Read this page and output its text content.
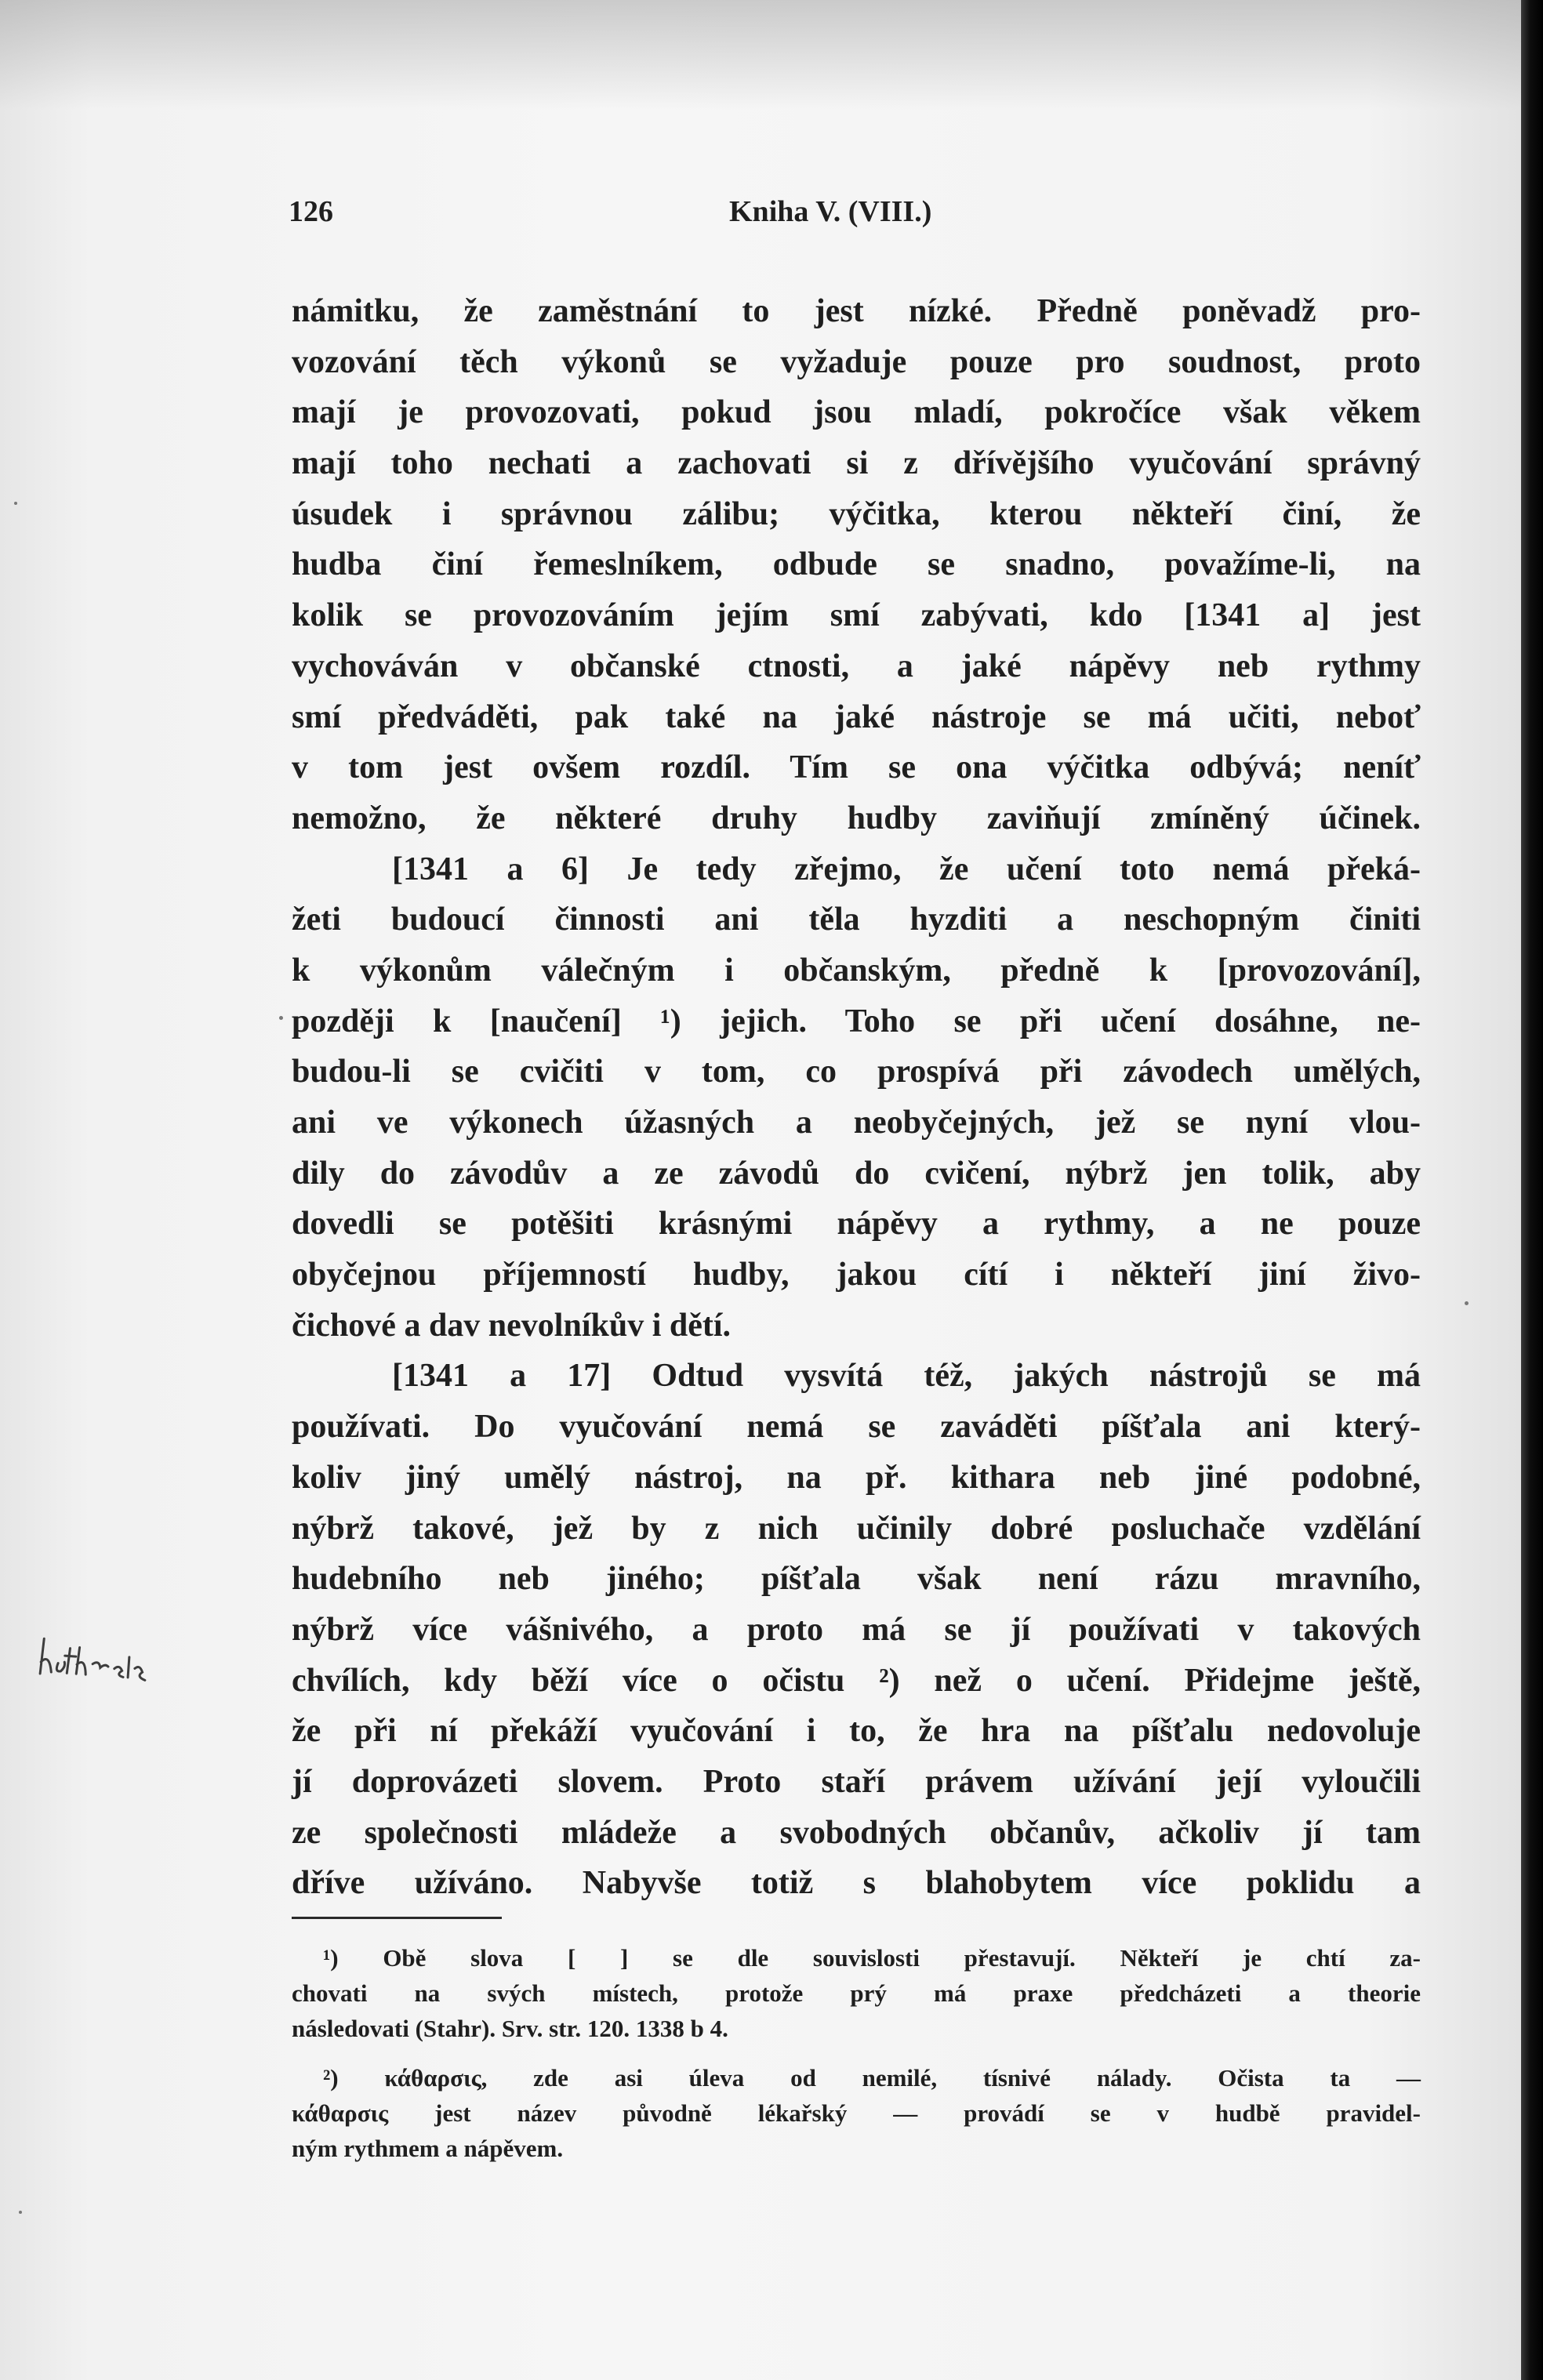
126	Kniha V. (VIII.)
námitku, že zaměstnání to jest nízké. Předně poněvadž pro-
vozování těch výkonů se vyžaduje pouze pro soudnost, proto
mají je provozovati, pokud jsou mladí, pokročíce však věkem
mají toho nechati a zachovati si z dřívějšího vyučování správný
úsudek i správnou zálibu; výčitka, kterou někteří činí, že
hudba činí řemeslníkem, odbude se snadno, považíme-li, na
kolik se provozováním jejím smí zabývati, kdo [1341 a] jest
vychováván v občanské ctnosti, a jaké nápěvy neb rythmy
smí předváděti, pak také na jaké nástroje se má učiti, neboť
v tom jest ovšem rozdíl. Tím se ona výčitka odbývá; neníť
nemožno, že některé druhy hudby zaviňují zmíněný účinek.
[1341 a 6] Je tedy zřejmo, že učení toto nemá překá-
žeti budoucí činnosti ani těla hyzditi a neschopným činiti
k výkonům válečným i občanským, předně k [provozování],
později k [naučení] ¹) jejich. Toho se při učení dosáhne, ne-
budou-li se cvičiti v tom, co prospívá při závodech umělých,
ani ve výkonech úžasných a neobyčejných, jež se nyní vlou-
dily do závodův a ze závodů do cvičení, nýbrž jen tolik, aby
dovedli se potěšiti krásnými nápěvy a rythmy, a ne pouze
obyčejnou příjemností hudby, jakou cítí i někteří jiní živo-
čichové a dav nevolníkův i dětí.
[1341 a 17] Odtud vysvítá též, jakých nástrojů se má
používati. Do vyučování nemá se zaváděti píšťala ani který-
koliv jiný umělý nástroj, na př. kithara neb jiné podobné,
nýbrž takové, jež by z nich učinily dobré posluchače vzdělání
hudebního neb jiného; píšťala však není rázu mravního,
nýbrž více vášnivého, a proto má se jí používati v takových
chvílích, kdy běží více o očistu ²) než o učení. Přidejme ještě,
že při ní překáží vyučování i to, že hra na píšťalu nedovoluje
jí doprovázeti slovem. Proto staří právem užívání její vyloučili
ze společnosti mládeže a svobodných občanův, ačkoliv jí tam
dříve užíváno. Nabyvše totiž s blahobytem více poklidu a
¹) Obě slova [ ] se dle souvislosti přestavují. Někteří je chtí za-
chovati na svých místech, protože prý má praxe předcházeti a theorie
následovati (Stahr). Srv. str. 120. 1338 b 4.
²) κάθαρσις, zde asi úleva od nemilé, tísnivé nálady. Očista ta —
κάθαρσις jest název původně lékařský — provádí se v hudbě pravidel-
ným rythmem a nápěvem.
